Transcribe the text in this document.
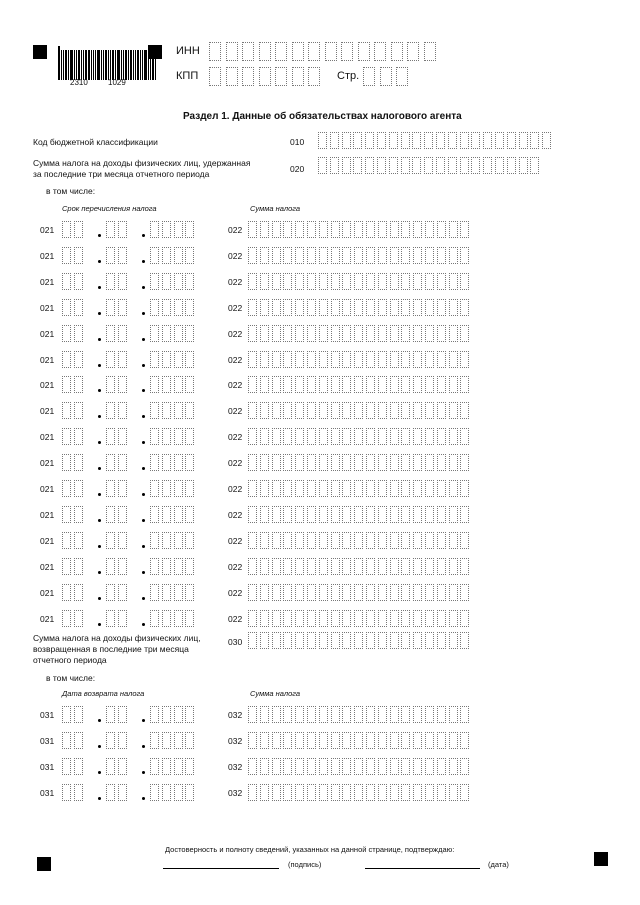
2310	1029
ИНН
КПП	Стр.
Раздел 1. Данные об обязательствах налогового агента
Код бюджетной классификации	010
Сумма налога на доходы физических лиц, удержанная
за последние три месяца отчетного периода	020
в том числе:
Срок перечисления налога	Сумма налога
021	022
021	022
021	022
021	022
021	022
021	022
021	022
021	022
021	022
021	022
021	022
021	022
021	022
021	022
021	022
021	022
Сумма налога на доходы физических лиц,
возвращенная в последние три месяца
отчетного периода
030
в том числе:
Дата возврата налога	Сумма налога
031	032
031	032
031	032
031	032
Достоверность и полноту сведений, указанных на данной странице, подтверждаю:
(подпись)	(дата)
